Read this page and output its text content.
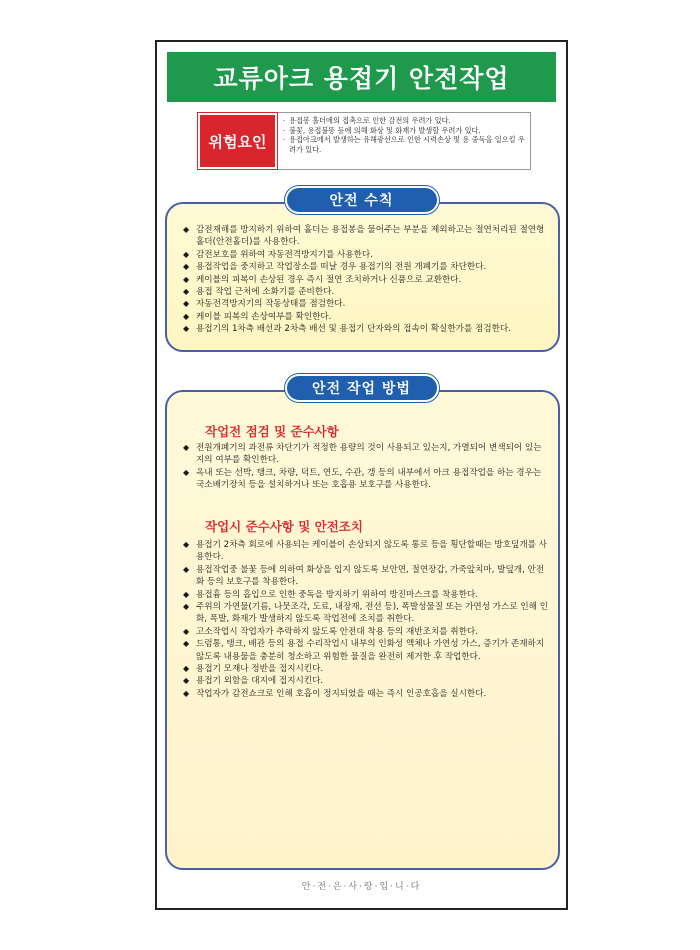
교류아크 용접기 안전작업
위험요인
· 용접봉 홀더에의 접촉으로 인한 감전의 우려가 있다.
· 불꽃, 용접불똥 등에 의해 화상 및 화재가 발생할 우려가 있다.
· 용접아크에서 발생하는 유해광선으로 인한 시력손상 및 용 중독을 일으킬 우려가 있다.
◆ 감전재해를 방지하기 위하여 홀더는 용접봉을 물어주는 부분을 제외하고는 절연처리된 절연형 홀더(안전홀더)를 사용한다.
◆ 감전보호를 위하여 자동전격방지기를 사용한다.
◆ 용접작업을 중지하고 작업장소를 떠날 경우 용접기의 전원 개폐기를 차단한다.
◆ 케이블의 피복이 손상된 경우 즉시 절연 조치하거나 신품으로 교환한다.
◆ 용접 작업 근처에 소화기를 준비한다.
◆ 자동전격방지기의 작동상태를 점검한다.
◆ 케이블 피복의 손상여부를 확인한다.
◆ 용접기의 1차측 배선과 2차측 배선 및 용접기 단자와의 접속이 확실한가를 점검한다.
안전 수칙
작업전 점검 및 준수사항
◆ 전원개폐기의 과전류 차단기가 적정한 용량의 것이 사용되고 있는지, 가열되어 변색되어 있는지의 여부를 확인한다.
◆ 옥내 또는 선박, 탱크, 차량, 덕트, 연도, 수관, 갱 등의 내부에서 아크 용접작업을 하는 경우는 국소배기장치 등을 설치하거나 또는 호흡용 보호구를 사용한다.
작업시 준수사항 및 안전조치
◆ 용접기 2차측 회로에 사용되는 케이블이 손상되지 않도록 통로 등을 횡단할때는 방호덮개를 사용한다.
◆ 용접작업중 불꽃 등에 의하여 화상을 입지 않도록 보안면, 절연장갑, 가죽앞치마, 발덮개, 안전화 등의 보호구를 착용한다.
◆ 용접흄 등의 흡입으로 인한 중독을 방지하기 위하여 방진마스크를 착용한다.
◆ 주위의 가연물(기름, 나뭇조각, 도료, 내장재, 전선 등), 폭발성물질 또는 가연성 가스로 인해 인화, 폭발, 화재가 발생하지 않도록 작업전에 조치를 취한다.
◆ 고소작업시 작업자가 추락하지 않도록 안전대 착용 등의 재반조치를 취한다.
◆ 드럼통, 탱크, 배관 등의 용접 수리작업시 내부의 인화성 액체나 가연성 가스, 증기가 존재하지 않도록 내용물을 충분히 청소하고 위험한 물질을 완전히 제거한 후 작업한다.
◆ 용접기 모재나 정반을 접지시킨다.
◆ 용접기 외함을 대지에 접지시킨다.
◆ 작업자가 감전쇼크로 인해 호흡이 정지되었을 때는 즉시 인공호흡을 실시한다.
안전 작업 방법
안·전·은·사·랑·입·니·다
